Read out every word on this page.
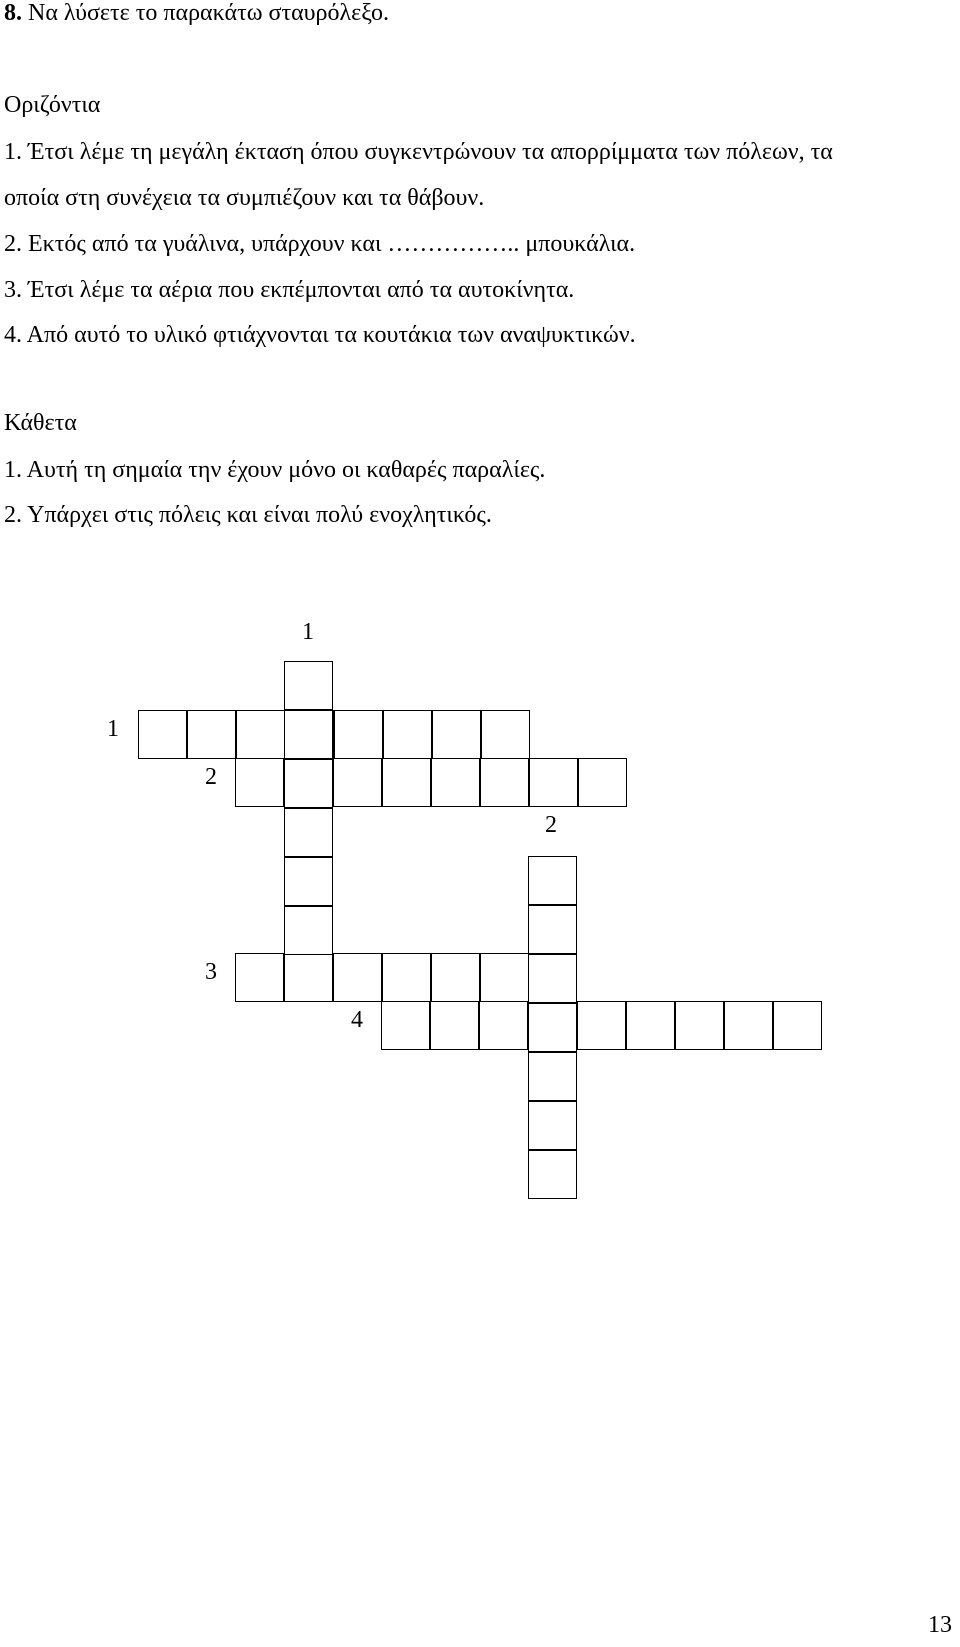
8. Να λύσετε το παρακάτω σταυρόλεξο.
Οριζόντια
1. Έτσι λέμε τη μεγάλη έκταση όπου συγκεντρώνουν τα απορρίμματα των πόλεων, τα
οποία στη συνέχεια τα συμπιέζουν και τα θάβουν.
2. Εκτός από τα γυάλινα, υπάρχουν και …………….. μπουκάλια.
3. Έτσι λέμε τα αέρια που εκπέμπονται από τα αυτοκίνητα.
4. Από αυτό το υλικό φτιάχνονται τα κουτάκια των αναψυκτικών.
Κάθετα
1. Αυτή τη σημαία την έχουν μόνο οι καθαρές παραλίες.
2. Υπάρχει στις πόλεις και είναι πολύ ενοχλητικός.
1
1
2
2
3
4
13
